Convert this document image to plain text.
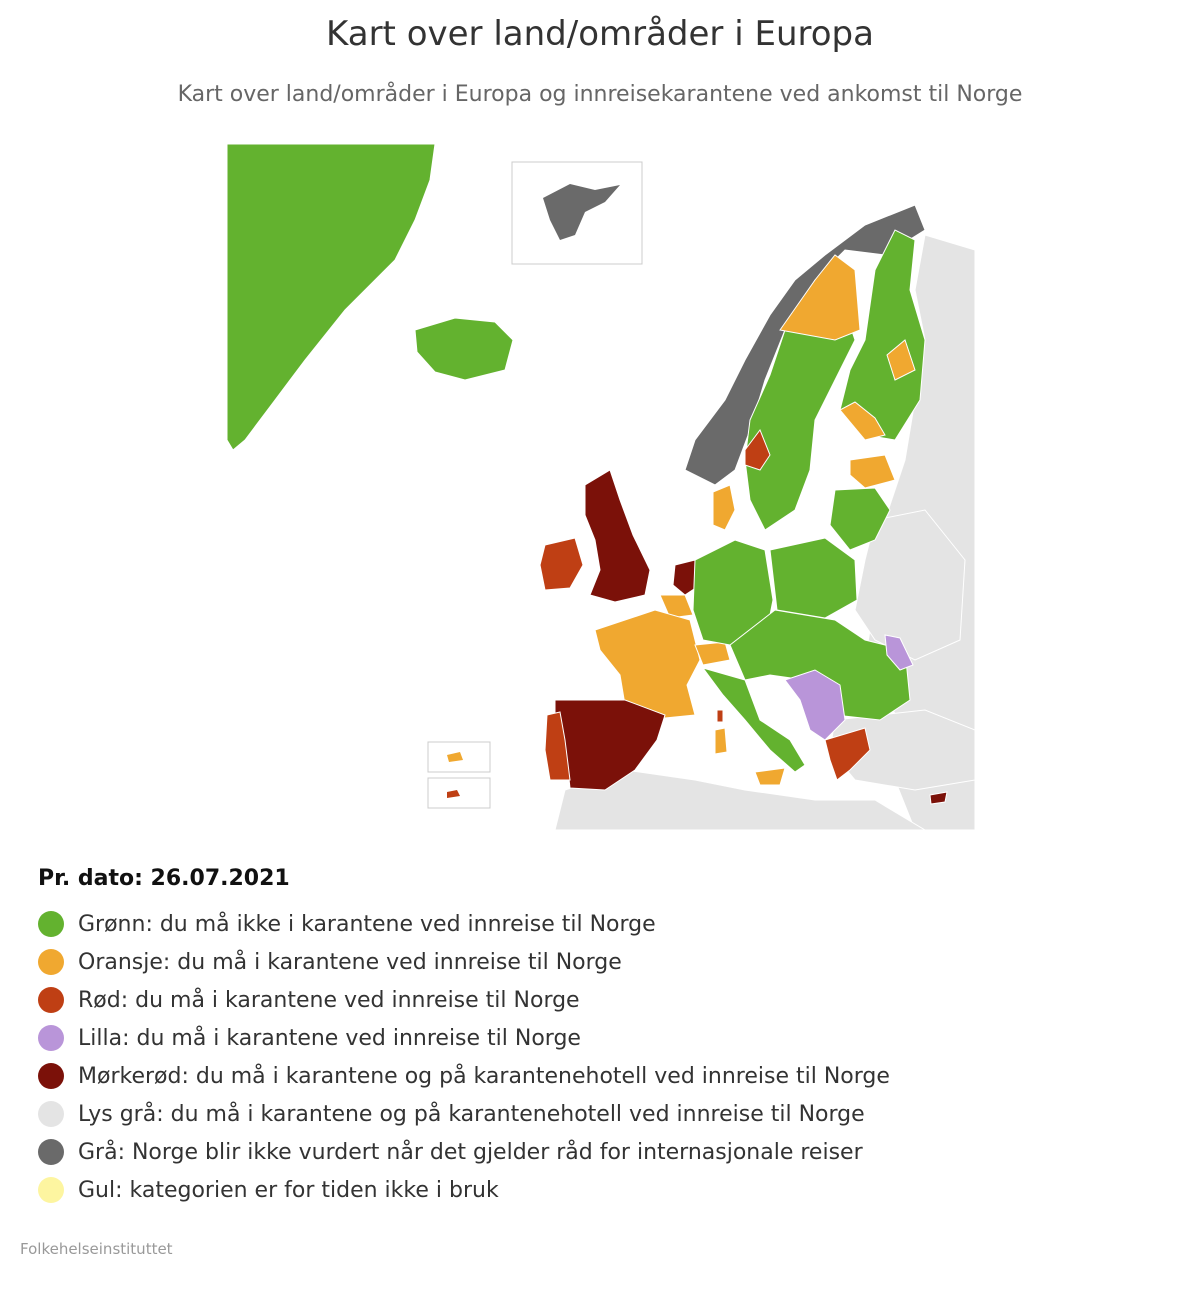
Kart over land/områder i Europa
Kart over land/områder i Europa og innreisekarantene ved ankomst til Norge
Pr. dato: 26.07.2021
Grønn: du må ikke i karantene ved innreise til Norge
Oransje: du må i karantene ved innreise til Norge
Rød: du må i karantene ved innreise til Norge
Lilla: du må i karantene ved innreise til Norge
Mørkerød: du må i karantene og på karantenehotell ved innreise til Norge
Lys grå: du må i karantene og på karantenehotell ved innreise til Norge
Grå: Norge blir ikke vurdert når det gjelder råd for internasjonale reiser
Gul: kategorien er for tiden ikke i bruk
Folkehelseinstituttet
